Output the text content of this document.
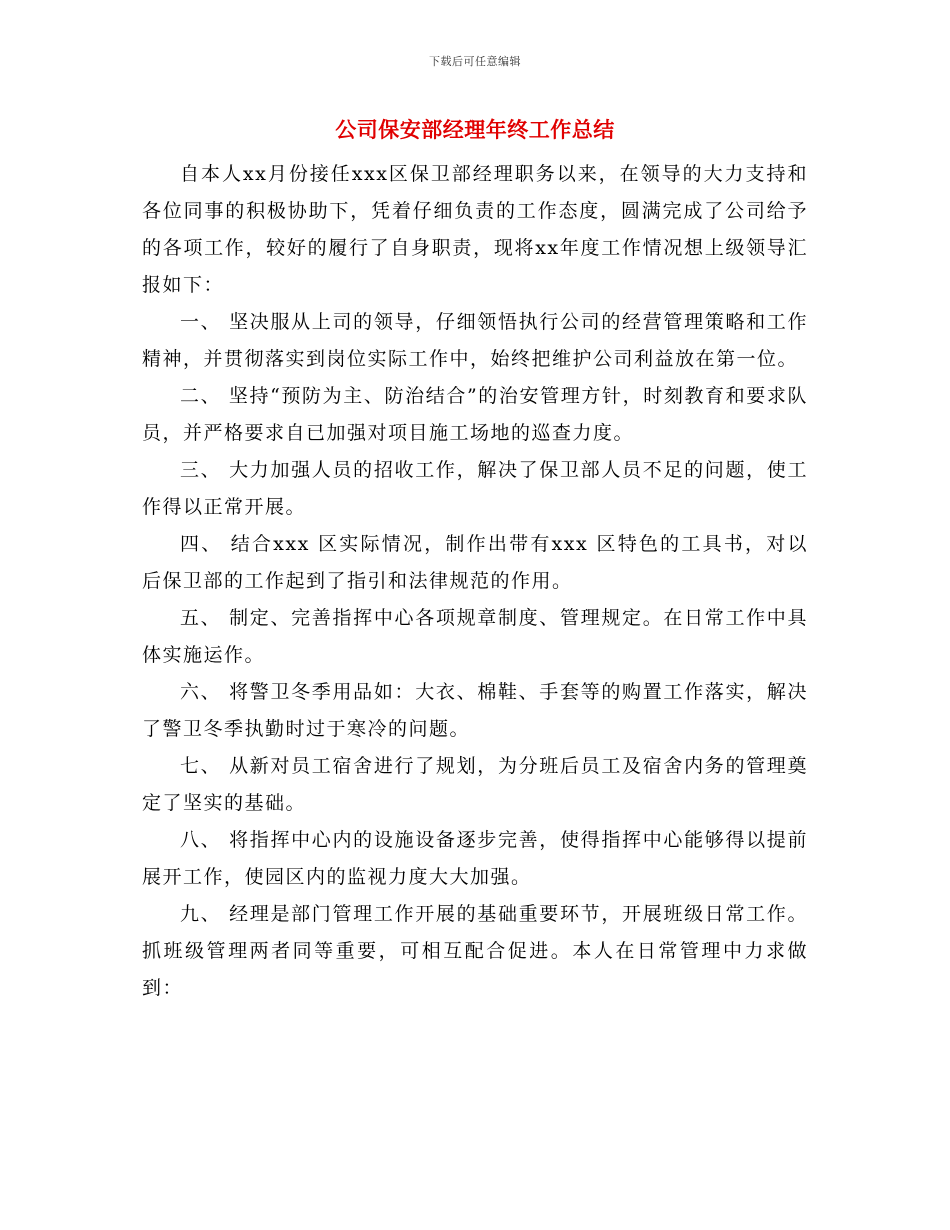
下载后可任意编辑
公司保安部经理年终工作总结

自本人xx月份接任xxx区保卫部经理职务以来，在领导的大力支持和各位同事的积极协助下，凭着仔细负责的工作态度，圆满完成了公司给予的各项工作，较好的履行了自身职责，现将xx年度工作情况想上级领导汇报如下：

一、 坚决服从上司的领导，仔细领悟执行公司的经营管理策略和工作精神，并贯彻落实到岗位实际工作中，始终把维护公司利益放在第一位。

二、 坚持“预防为主、防治结合”的治安管理方针，时刻教育和要求队员，并严格要求自已加强对项目施工场地的巡查力度。

三、 大力加强人员的招收工作，解决了保卫部人员不足的问题，使工作得以正常开展。

四、 结合xxx 区实际情况，制作出带有xxx 区特色的工具书，对以后保卫部的工作起到了指引和法律规范的作用。

五、 制定、完善指挥中心各项规章制度、管理规定。在日常工作中具体实施运作。

六、 将警卫冬季用品如：大衣、棉鞋、手套等的购置工作落实，解决了警卫冬季执勤时过于寒冷的问题。

七、 从新对员工宿舍进行了规划，为分班后员工及宿舍内务的管理奠定了坚实的基础。

八、 将指挥中心内的设施设备逐步完善，使得指挥中心能够得以提前展开工作，使园区内的监视力度大大加强。

九、 经理是部门管理工作开展的基础重要环节，开展班级日常工作。抓班级管理两者同等重要，可相互配合促进。本人在日常管理中力求做到：
